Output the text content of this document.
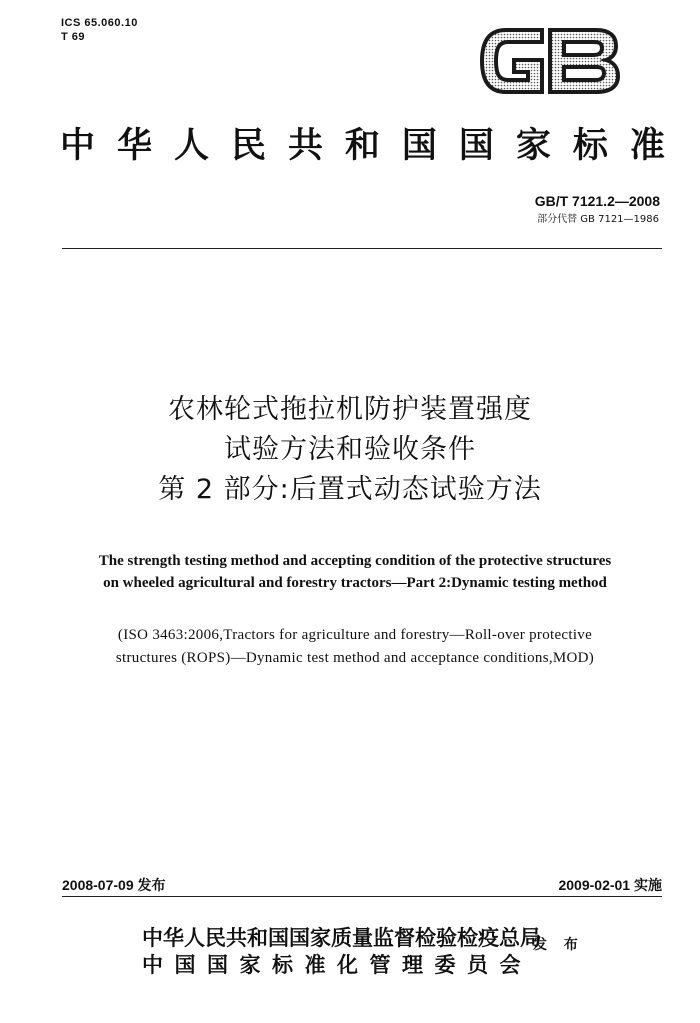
ICS 65.060.10
T 69
中 华 人 民 共 和 国 国 家 标 准
GB/T 7121.2—2008
部分代替 GB 7121—1986
农林轮式拖拉机防护装置强度
试验方法和验收条件
第 2 部分:后置式动态试验方法
The strength testing method and accepting condition of the protective structures
on wheeled agricultural and forestry tractors—Part 2:Dynamic testing method
(ISO 3463:2006,Tractors for agriculture and forestry—Roll-over protective
structures (ROPS)—Dynamic test method and acceptance conditions,MOD)
2008-07-09 发布	2009-02-01 实施
中华人民共和国国家质量监督检验检疫总局
中国国家标准化管理委员会
发 布
